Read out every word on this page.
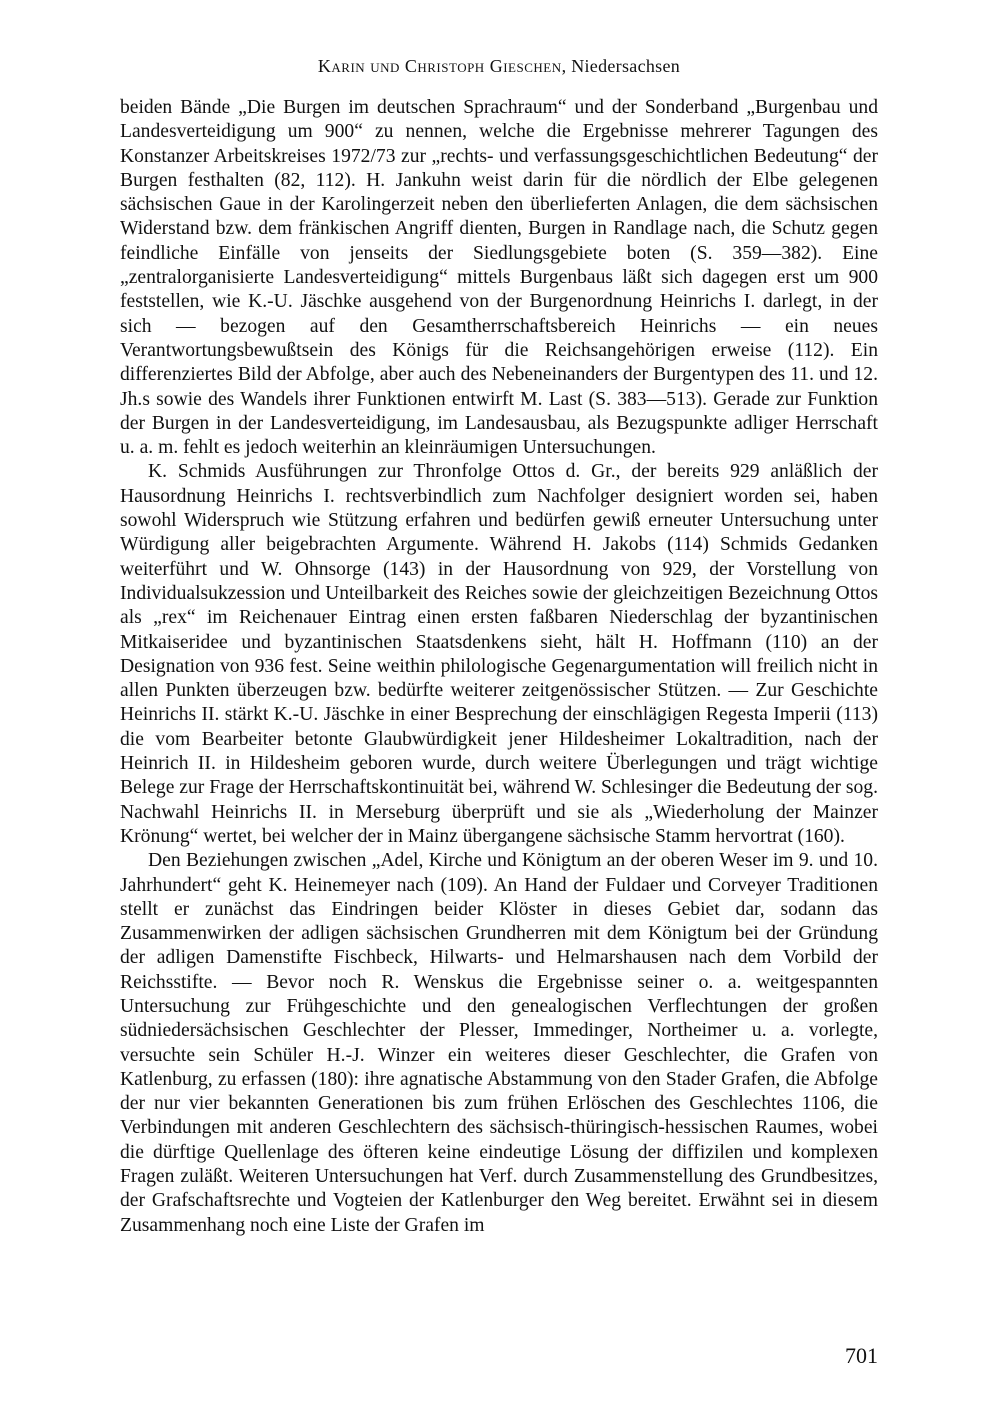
Karin und Christoph Gieschen, Niedersachsen

beiden Bände „Die Burgen im deutschen Sprachraum“ und der Sonderband „Burgenbau und Landesverteidigung um 900“ zu nennen, welche die Ergebnisse mehrerer Tagungen des Konstanzer Arbeitskreises 1972/73 zur „rechts- und verfassungsgeschichtlichen Bedeutung“ der Burgen festhalten (82, 112). H. Jankuhn weist darin für die nördlich der Elbe gelegenen sächsischen Gaue in der Karolingerzeit neben den überlieferten Anlagen, die dem sächsischen Widerstand bzw. dem fränkischen Angriff dienten, Burgen in Randlage nach, die Schutz gegen feindliche Einfälle von jenseits der Siedlungsgebiete boten (S. 359—382). Eine „zentralorganisierte Landesverteidigung“ mittels Burgenbaus läßt sich dagegen erst um 900 feststellen, wie K.-U. Jäschke ausgehend von der Burgenordnung Heinrichs I. darlegt, in der sich — bezogen auf den Gesamtherrschaftsbereich Heinrichs — ein neues Verantwortungsbewußtsein des Königs für die Reichsangehörigen erweise (112). Ein differenziertes Bild der Abfolge, aber auch des Nebeneinanders der Burgentypen des 11. und 12. Jh.s sowie des Wandels ihrer Funktionen entwirft M. Last (S. 383—513). Gerade zur Funktion der Burgen in der Landesverteidigung, im Landesausbau, als Bezugspunkte adliger Herrschaft u. a. m. fehlt es jedoch weiterhin an kleinräumigen Untersuchungen.

K. Schmids Ausführungen zur Thronfolge Ottos d. Gr., der bereits 929 anläßlich der Hausordnung Heinrichs I. rechtsverbindlich zum Nachfolger designiert worden sei, haben sowohl Widerspruch wie Stützung erfahren und bedürfen gewiß erneuter Untersuchung unter Würdigung aller beigebrachten Argumente. Während H. Jakobs (114) Schmids Gedanken weiterführt und W. Ohnsorge (143) in der Hausordnung von 929, der Vorstellung von Individualsukzession und Unteilbarkeit des Reiches sowie der gleichzeitigen Bezeichnung Ottos als „rex“ im Reichenauer Eintrag einen ersten faßbaren Niederschlag der byzantinischen Mitkaiseridee und byzantinischen Staatsdenkens sieht, hält H. Hoffmann (110) an der Designation von 936 fest. Seine weithin philologische Gegenargumentation will freilich nicht in allen Punkten überzeugen bzw. bedürfte weiterer zeitgenössischer Stützen. — Zur Geschichte Heinrichs II. stärkt K.-U. Jäschke in einer Besprechung der einschlägigen Regesta Imperii (113) die vom Bearbeiter betonte Glaubwürdigkeit jener Hildesheimer Lokaltradition, nach der Heinrich II. in Hildesheim geboren wurde, durch weitere Überlegungen und trägt wichtige Belege zur Frage der Herrschaftskontinuität bei, während W. Schlesinger die Bedeutung der sog. Nachwahl Heinrichs II. in Merseburg überprüft und sie als „Wiederholung der Mainzer Krönung“ wertet, bei welcher der in Mainz übergangene sächsische Stamm hervortrat (160).

Den Beziehungen zwischen „Adel, Kirche und Königtum an der oberen Weser im 9. und 10. Jahrhundert“ geht K. Heinemeyer nach (109). An Hand der Fuldaer und Corveyer Traditionen stellt er zunächst das Eindringen beider Klöster in dieses Gebiet dar, sodann das Zusammenwirken der adligen sächsischen Grundherren mit dem Königtum bei der Gründung der adligen Damenstifte Fischbeck, Hilwarts- und Helmarshausen nach dem Vorbild der Reichsstifte. — Bevor noch R. Wenskus die Ergebnisse seiner o. a. weitgespannten Untersuchung zur Frühgeschichte und den genealogischen Verflechtungen der großen südniedersächsischen Geschlechter der Plesser, Immedinger, Northeimer u. a. vorlegte, versuchte sein Schüler H.-J. Winzer ein weiteres dieser Geschlechter, die Grafen von Katlenburg, zu erfassen (180): ihre agnatische Abstammung von den Stader Grafen, die Abfolge der nur vier bekannten Generationen bis zum frühen Erlöschen des Geschlechtes 1106, die Verbindungen mit anderen Geschlechtern des sächsisch-thüringisch-hessischen Raumes, wobei die dürftige Quellenlage des öfteren keine eindeutige Lösung der diffizilen und komplexen Fragen zuläßt. Weiteren Untersuchungen hat Verf. durch Zusammenstellung des Grundbesitzes, der Grafschaftsrechte und Vogteien der Katlenburger den Weg bereitet. Erwähnt sei in diesem Zusammenhang noch eine Liste der Grafen im

701
